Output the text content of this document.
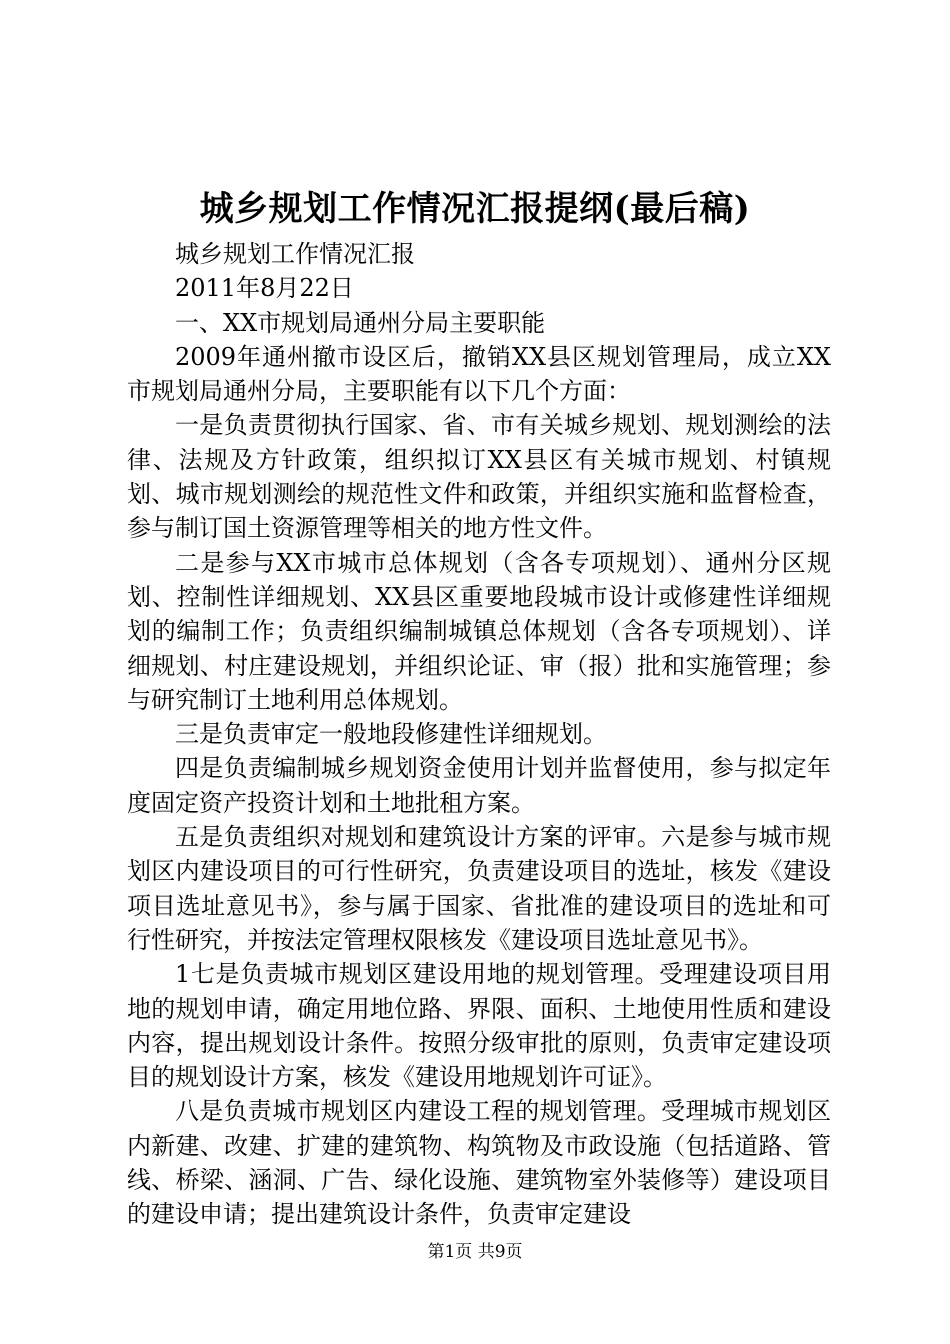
城乡规划工作情况汇报提纲(最后稿)

城乡规划工作情况汇报

2011年8月22日

一、XX市规划局通州分局主要职能

2009年通州撤市设区后，撤销XX县区规划管理局，成立XX市规划局通州分局，主要职能有以下几个方面：

一是负责贯彻执行国家、省、市有关城乡规划、规划测绘的法律、法规及方针政策，组织拟订XX县区有关城市规划、村镇规划、城市规划测绘的规范性文件和政策，并组织实施和监督检查，参与制订国土资源管理等相关的地方性文件。

二是参与XX市城市总体规划（含各专项规划）、通州分区规划、控制性详细规划、XX县区重要地段城市设计或修建性详细规划的编制工作；负责组织编制城镇总体规划（含各专项规划）、详细规划、村庄建设规划，并组织论证、审（报）批和实施管理；参与研究制订土地利用总体规划。

三是负责审定一般地段修建性详细规划。

四是负责编制城乡规划资金使用计划并监督使用，参与拟定年度固定资产投资计划和土地批租方案。

五是负责组织对规划和建筑设计方案的评审。六是参与城市规划区内建设项目的可行性研究，负责建设项目的选址，核发《建设项目选址意见书》，参与属于国家、省批准的建设项目的选址和可行性研究，并按法定管理权限核发《建设项目选址意见书》。

1七是负责城市规划区建设用地的规划管理。受理建设项目用地的规划申请，确定用地位路、界限、面积、土地使用性质和建设内容，提出规划设计条件。按照分级审批的原则，负责审定建设项目的规划设计方案，核发《建设用地规划许可证》。

八是负责城市规划区内建设工程的规划管理。受理城市规划区内新建、改建、扩建的建筑物、构筑物及市政设施（包括道路、管线、桥梁、涵洞、广告、绿化设施、建筑物室外装修等）建设项目的建设申请；提出建筑设计条件，负责审定建设

第1页 共9页
